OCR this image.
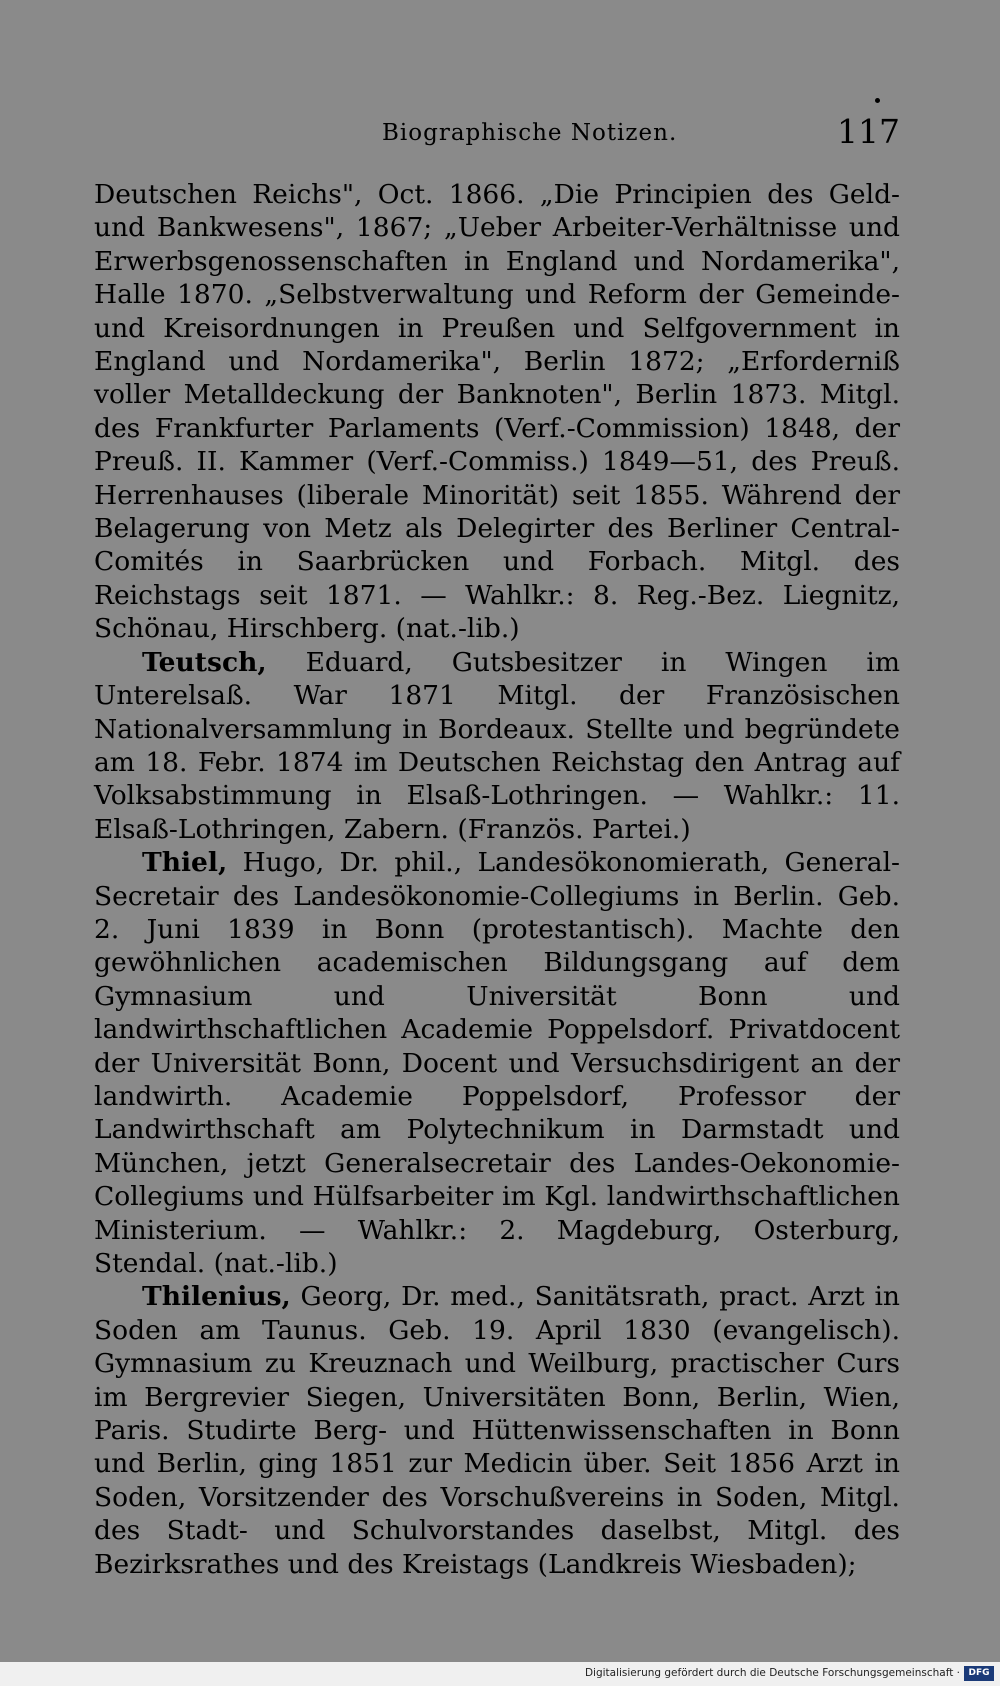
Biographische Notizen.	117

Deutschen Reichs", Oct. 1866. „Die Principien des Geld- und Bankwesens", 1867; „Ueber Arbeiter-Verhältnisse und Erwerbsgenossenschaften in England und Nordamerika", Halle 1870. „Selbstverwaltung und Reform der Gemeinde- und Kreisordnungen in Preußen und Selfgovernment in England und Nordamerika", Berlin 1872; „Erforderniß voller Metalldeckung der Banknoten", Berlin 1873. Mitgl. des Frankfurter Parlaments (Verf.-Commission) 1848, der Preuß. II. Kammer (Verf.-Commiss.) 1849—51, des Preuß. Herrenhauses (liberale Minorität) seit 1855. Während der Belagerung von Metz als Delegirter des Berliner Central-Comités in Saarbrücken und Forbach. Mitgl. des Reichstags seit 1871. — Wahlkr.: 8. Reg.-Bez. Liegnitz, Schönau, Hirschberg. (nat.-lib.)

Teutsch, Eduard, Gutsbesitzer in Wingen im Unterelsaß. War 1871 Mitgl. der Französischen Nationalversammlung in Bordeaux. Stellte und begründete am 18. Febr. 1874 im Deutschen Reichstag den Antrag auf Volksabstimmung in Elsaß-Lothringen. — Wahlkr.: 11. Elsaß-Lothringen, Zabern. (Französ. Partei.)

Thiel, Hugo, Dr. phil., Landesökonomierath, General-Secretair des Landesökonomie-Collegiums in Berlin. Geb. 2. Juni 1839 in Bonn (protestantisch). Machte den gewöhnlichen academischen Bildungsgang auf dem Gymnasium und Universität Bonn und landwirthschaftlichen Academie Poppelsdorf. Privatdocent der Universität Bonn, Docent und Versuchsdirigent an der landwirth. Academie Poppelsdorf, Professor der Landwirthschaft am Polytechnikum in Darmstadt und München, jetzt Generalsecretair des Landes-Oekonomie-Collegiums und Hülfsarbeiter im Kgl. landwirthschaftlichen Ministerium. — Wahlkr.: 2. Magdeburg, Osterburg, Stendal. (nat.-lib.)

Thilenius, Georg, Dr. med., Sanitätsrath, pract. Arzt in Soden am Taunus. Geb. 19. April 1830 (evangelisch). Gymnasium zu Kreuznach und Weilburg, practischer Curs im Bergrevier Siegen, Universitäten Bonn, Berlin, Wien, Paris. Studirte Berg- und Hüttenwissenschaften in Bonn und Berlin, ging 1851 zur Medicin über. Seit 1856 Arzt in Soden, Vorsitzender des Vorschußvereins in Soden, Mitgl. des Stadt- und Schulvorstandes daselbst, Mitgl. des Bezirksrathes und des Kreistags (Landkreis Wiesbaden);

Digitalisierung gefördert durch die Deutsche Forschungsgemeinschaft · DFG
